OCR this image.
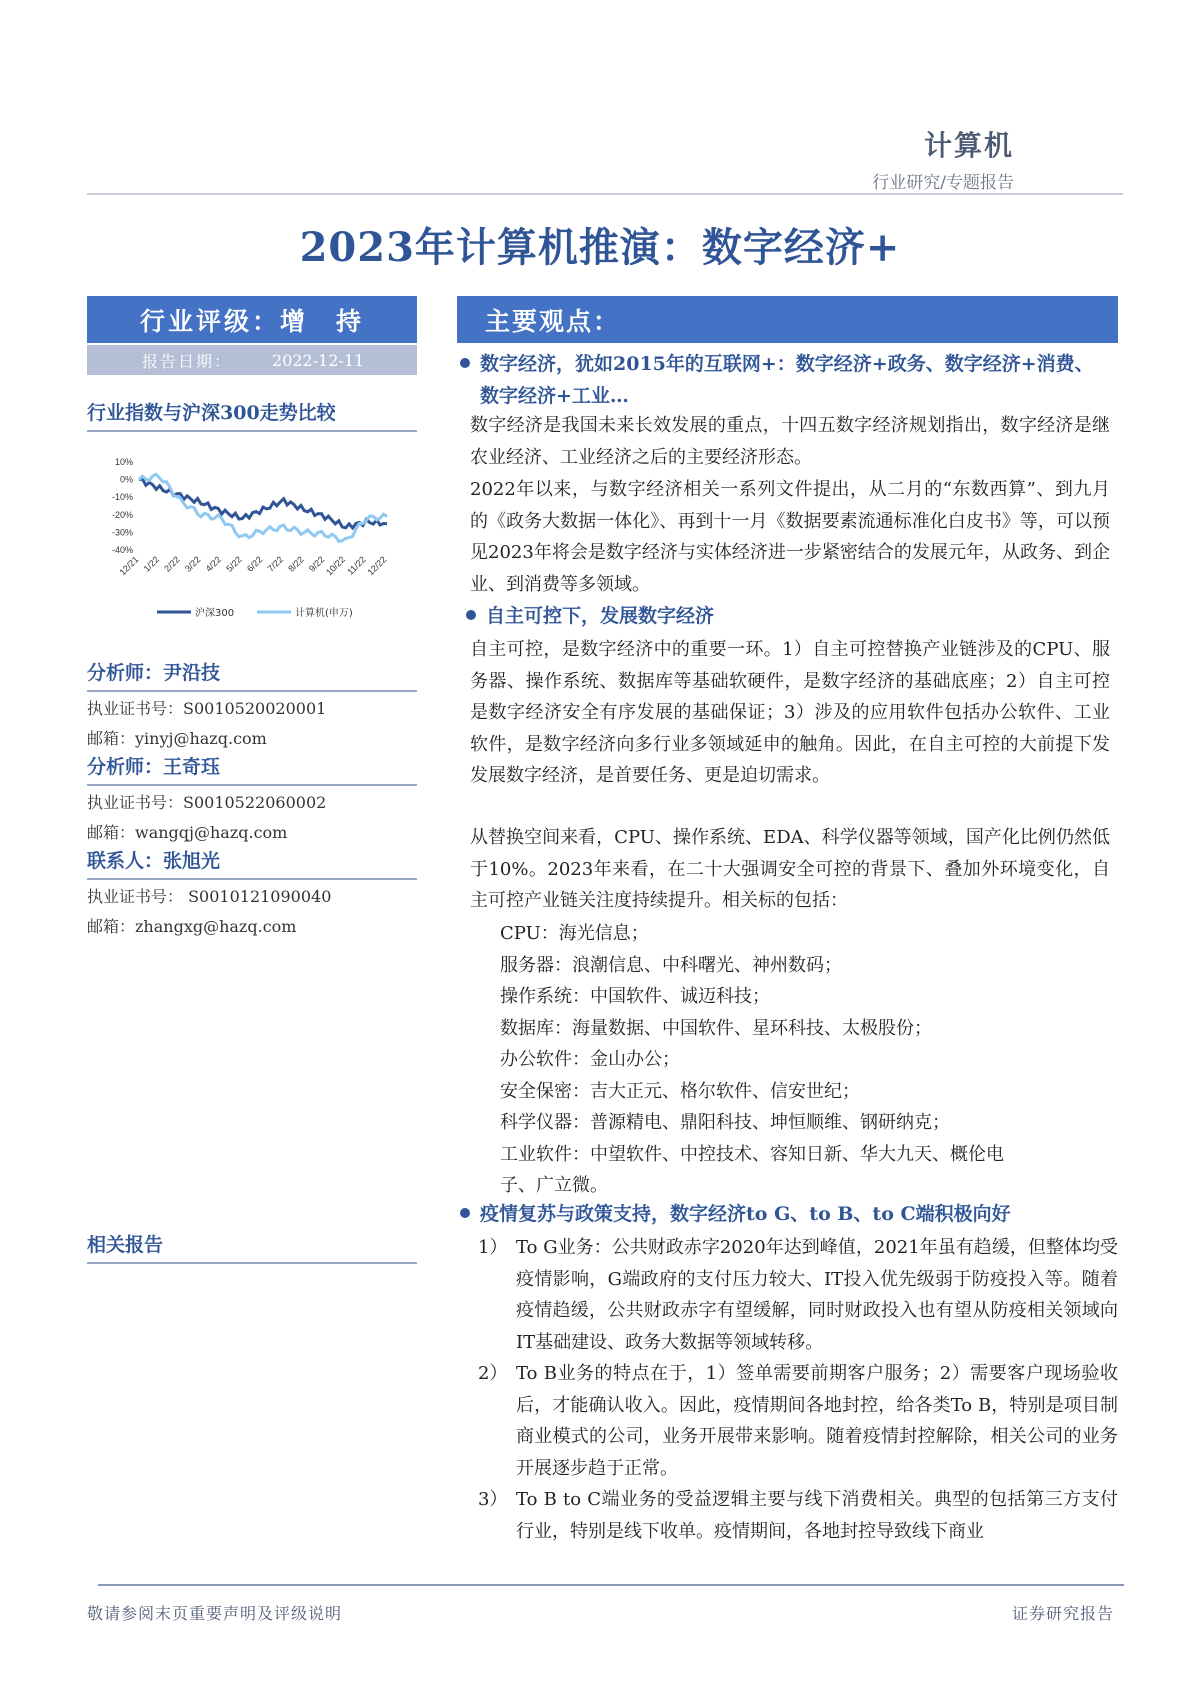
计算机
行业研究/专题报告
2023年计算机推演：数字经济+
行业评级：增　持
报告日期：	2022-12-11
行业指数与沪深300走势比较
10%
0%
-10%
-20%
-30%
-40%
12/21 1/22 2/22 3/22 4/22 5/22 6/22 7/22 8/22 9/22
10/22
11/22
12/22
沪深300	计算机(申万)
分析师：尹沿技
执业证书号：S0010520020001
邮箱：yinyj@hazq.com
分析师：王奇珏
执业证书号：S0010522060002
邮箱：wangqj@hazq.com
联系人：张旭光
执业证书号： S0010121090040
邮箱：zhangxg@hazq.com
相关报告
主要观点：
数字经济，犹如2015年的互联网+：数字经济+政务、数字经济+消费、数字经济+工业…
数字经济是我国未来长效发展的重点，十四五数字经济规划指出，数字经济是继农业经济、工业经济之后的主要经济形态。
2022年以来，与数字经济相关一系列文件提出，从二月的“东数西算”、到九月的《政务大数据一体化》、再到十一月《数据要素流通标准化白皮书》等，可以预见2023年将会是数字经济与实体经济进一步紧密结合的发展元年，从政务、到企业、到消费等多领域。
自主可控下，发展数字经济
自主可控，是数字经济中的重要一环。1）自主可控替换产业链涉及的CPU、服务器、操作系统、数据库等基础软硬件，是数字经济的基础底座；2）自主可控是数字经济安全有序发展的基础保证；3）涉及的应用软件包括办公软件、工业软件，是数字经济向多行业多领域延申的触角。因此，在自主可控的大前提下发发展数字经济，是首要任务、更是迫切需求。
从替换空间来看，CPU、操作系统、EDA、科学仪器等领域，国产化比例仍然低于10%。2023年来看，在二十大强调安全可控的背景下、叠加外环境变化，自主可控产业链关注度持续提升。相关标的包括：
CPU：海光信息；
服务器：浪潮信息、中科曙光、神州数码；
操作系统：中国软件、诚迈科技；
数据库：海量数据、中国软件、星环科技、太极股份；
办公软件：金山办公；
安全保密：吉大正元、格尔软件、信安世纪；
科学仪器：普源精电、鼎阳科技、坤恒顺维、钢研纳克；
工业软件：中望软件、中控技术、容知日新、华大九天、概伦电
子、广立微。
疫情复苏与政策支持，数字经济to G、to B、to C端积极向好
1） To G业务：公共财政赤字2020年达到峰值，2021年虽有趋缓，但整体均受疫情影响，G端政府的支付压力较大、IT投入优先级弱于防疫投入等。随着疫情趋缓，公共财政赤字有望缓解，同时财政投入也有望从防疫相关领域向IT基础建设、政务大数据等领域转移。
2） To B业务的特点在于，1）签单需要前期客户服务；2）需要客户现场验收后，才能确认收入。因此，疫情期间各地封控，给各类To B，特别是项目制商业模式的公司，业务开展带来影响。随着疫情封控解除，相关公司的业务开展逐步趋于正常。
3） To B to C端业务的受益逻辑主要与线下消费相关。典型的包括第三方支付行业，特别是线下收单。疫情期间，各地封控导致线下商业
敬请参阅末页重要声明及评级说明	证券研究报告
